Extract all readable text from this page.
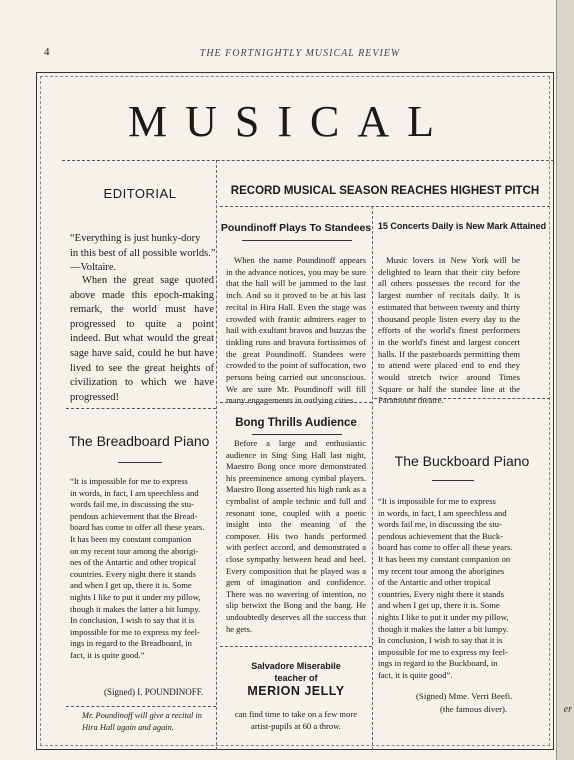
4	THE FORTNIGHTLY MUSICAL REVIEW
MUSICAL
EDITORIAL

“Everything is just hunky-dory

in this best of all possible worlds.”

—Voltaire.

When the great sage quoted above made this epoch-making remark, the world must have progressed to quite a point indeed. But what would the great sage have said, could he but have lived to see the great heights of civilization to which we have progressed!
RECORD MUSICAL SEASON REACHES HIGHEST PITCH
Poundinoff Plays To Standees
When the name Poundinoff appears in the advance notices, you may be sure that the hall will be jammed to the last inch. And so it proved to be at his last recital in Hira Hall. Even the stage was crowded with frantic admirers eager to hail with exultant bravos and huzzas the tinkling runs and bravura fortissimos of the great Poundinoff. Standees were crowded to the point of suffocation, two persons being carried out unconscious. We are sure Mr. Poundinoff will fill many engagements in outlying cities.
15 Concerts Daily is New Mark Attained
Music lovers in New York will be delighted to learn that their city before all others possesses the record for the largest number of recitals daily. It is estimated that between twenty and thirty thousand people listen every day to the efforts of the world's finest performers in the world's finest and largest concert halls. If the pasteboards permitting them to attend were placed end to end they would stretch twice around Times Square or half the standee line at the Paramount theatre.
The Breadboard Piano

“It is impossible for me to express

in words, in fact, I am speechless and

words fail me, in discussing the stu-

pendous achievement that the Bread-

board has come to offer all these years.

It has been my constant companion

on my recent tour among the aborigi-

nes of the Antartic and other tropical

countries. Every night there it stands

and when I get up, there it is. Some

nights I like to put it under my pillow,

though it makes the latter a bit lumpy.

In conclusion, I wish to say that it is

impossible for me to express my feel-

ings in regard to the Breadboard, in

fact, it is quite good.”

(Signed) I. POUNDINOFF.

Mr. Poundinoff will give a recital in

Hira Hall again and again.

Bong Thrills Audience
Before a large and enthusiastic audience in Sing Sing Hall last night, Maestro Bong once more demonstrated his preeminence among cymbal players. Maestro Bong asserted his high rank as a cymbalist of ample technic and full and resonant tone, coupled with a poetic insight into the meaning of the composer. His two hands performed with perfect accord, and demonstrated a close sympathy between head and heel. Every composition that he played was a gem of imagination and confidence. There was no wavering of intention, no slip betwixt the Bong and the bang. He undoubtedly deserves all the success that he gets.
Salvadore Miserabile
teacher of
MERION JELLY
can find time to take on a few more
artist-pupils at 60 a throw.
The Buckboard Piano

“It is impossible for me to express

in words, in fact, I am speechless and

words fail me, in discussing the stu-

pendous achievement that the Buck-

board has come to offer all these years.

It has been my constant companion on

my recent tour among the aborigines

of the Antartic and other tropical

countries. Every night there it stands

and when I get up, there it is. Some

nights I like to put it under my pillow,

though it makes the latter a bit lumpy.

In conclusion, I wish to say that it is

impossible for me to express my feel-

ings in regard to the Buckboard, in

fact, it is quite good”.

(Signed) Mme. Verri Beefi.
(the famous diver).	er
